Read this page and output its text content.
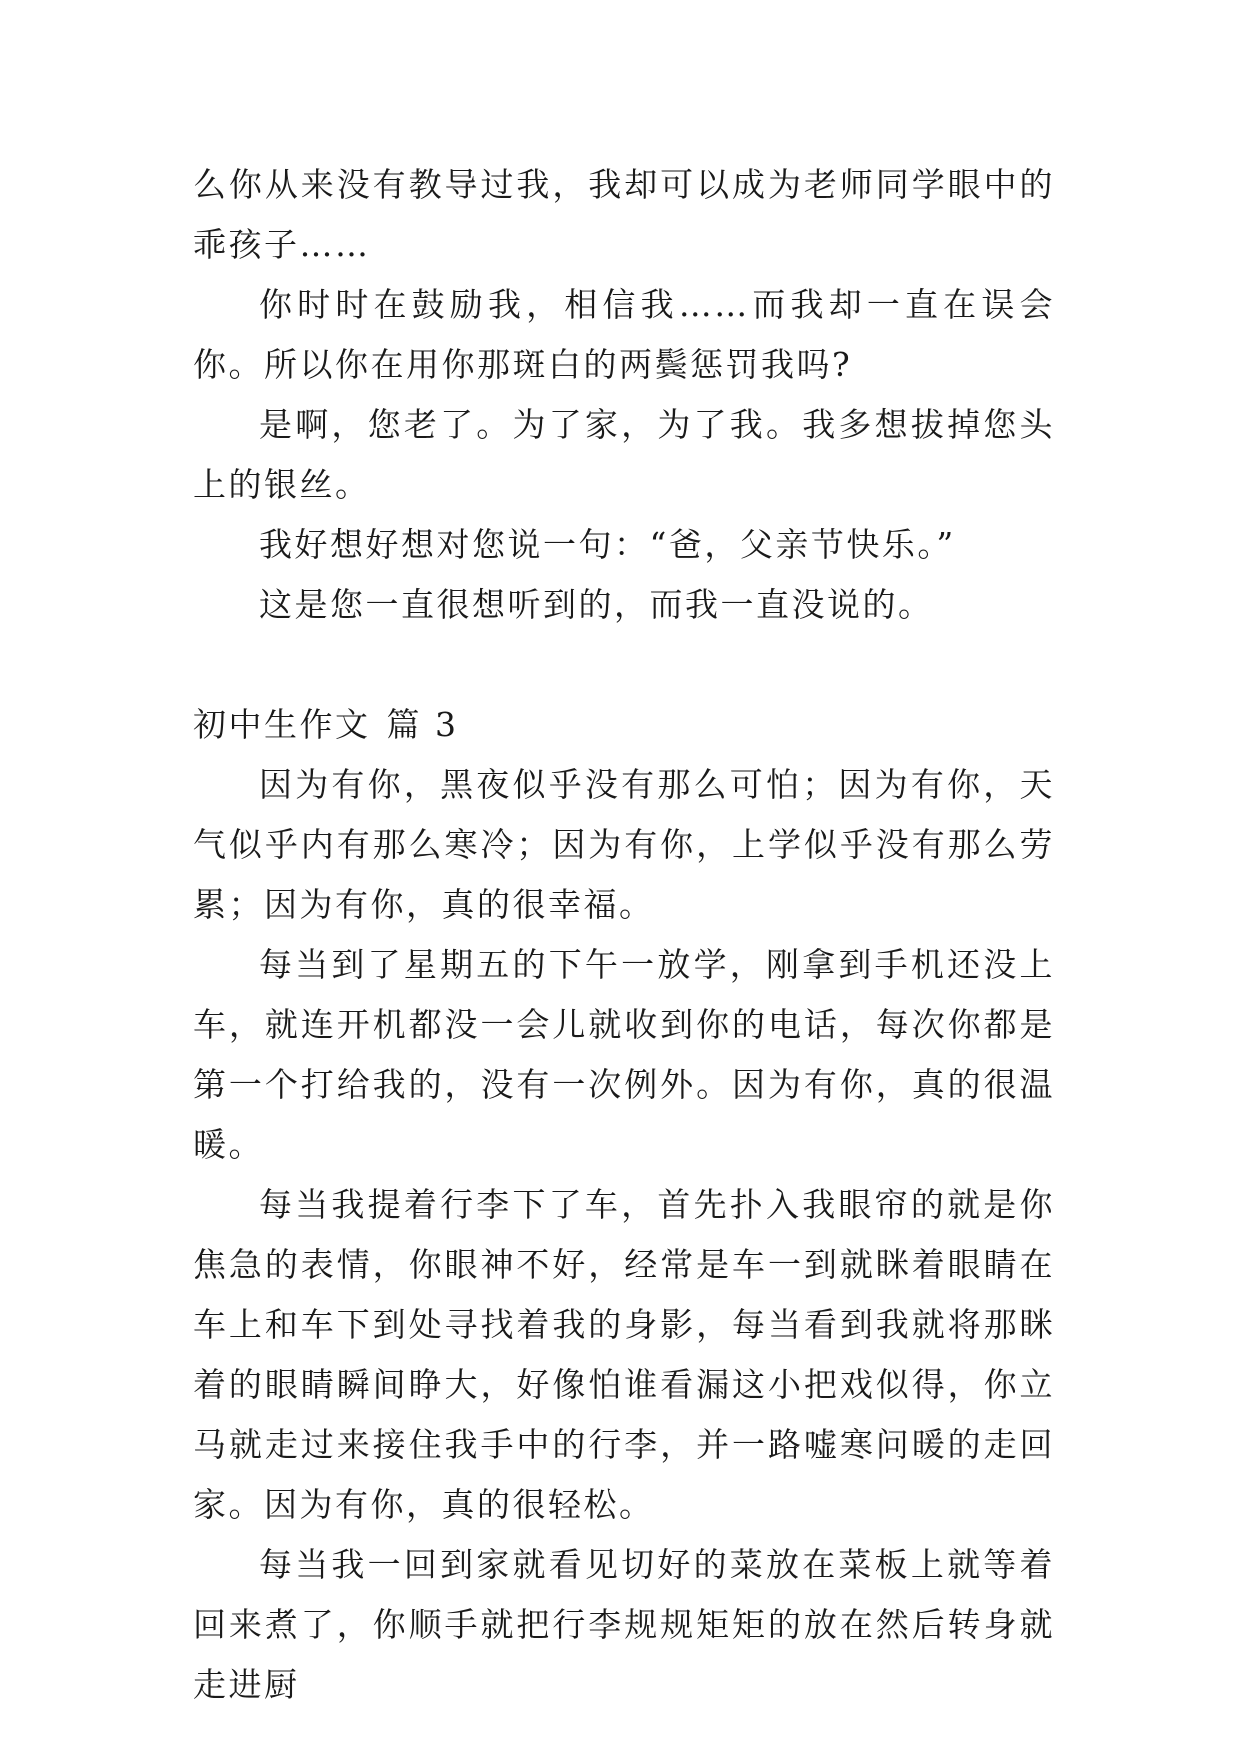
么你从来没有教导过我，我却可以成为老师同学眼中的乖孩子……

你时时在鼓励我，相信我……而我却一直在误会你。所以你在用你那斑白的两鬓惩罚我吗?

是啊，您老了。为了家，为了我。我多想拔掉您头上的银丝。

我好想好想对您说一句：“爸，父亲节快乐。”

这是您一直很想听到的，而我一直没说的。

初中生作文 篇 3

因为有你，黑夜似乎没有那么可怕；因为有你，天气似乎内有那么寒冷；因为有你，上学似乎没有那么劳累；因为有你，真的很幸福。

每当到了星期五的下午一放学，刚拿到手机还没上车，就连开机都没一会儿就收到你的电话，每次你都是第一个打给我的，没有一次例外。因为有你，真的很温暖。

每当我提着行李下了车，首先扑入我眼帘的就是你焦急的表情，你眼神不好，经常是车一到就眯着眼睛在车上和车下到处寻找着我的身影，每当看到我就将那眯着的眼睛瞬间睁大，好像怕谁看漏这小把戏似得，你立马就走过来接住我手中的行李，并一路嘘寒问暖的走回家。因为有你，真的很轻松。

每当我一回到家就看见切好的菜放在菜板上就等着回来煮了，你顺手就把行李规规矩矩的放在然后转身就走进厨
